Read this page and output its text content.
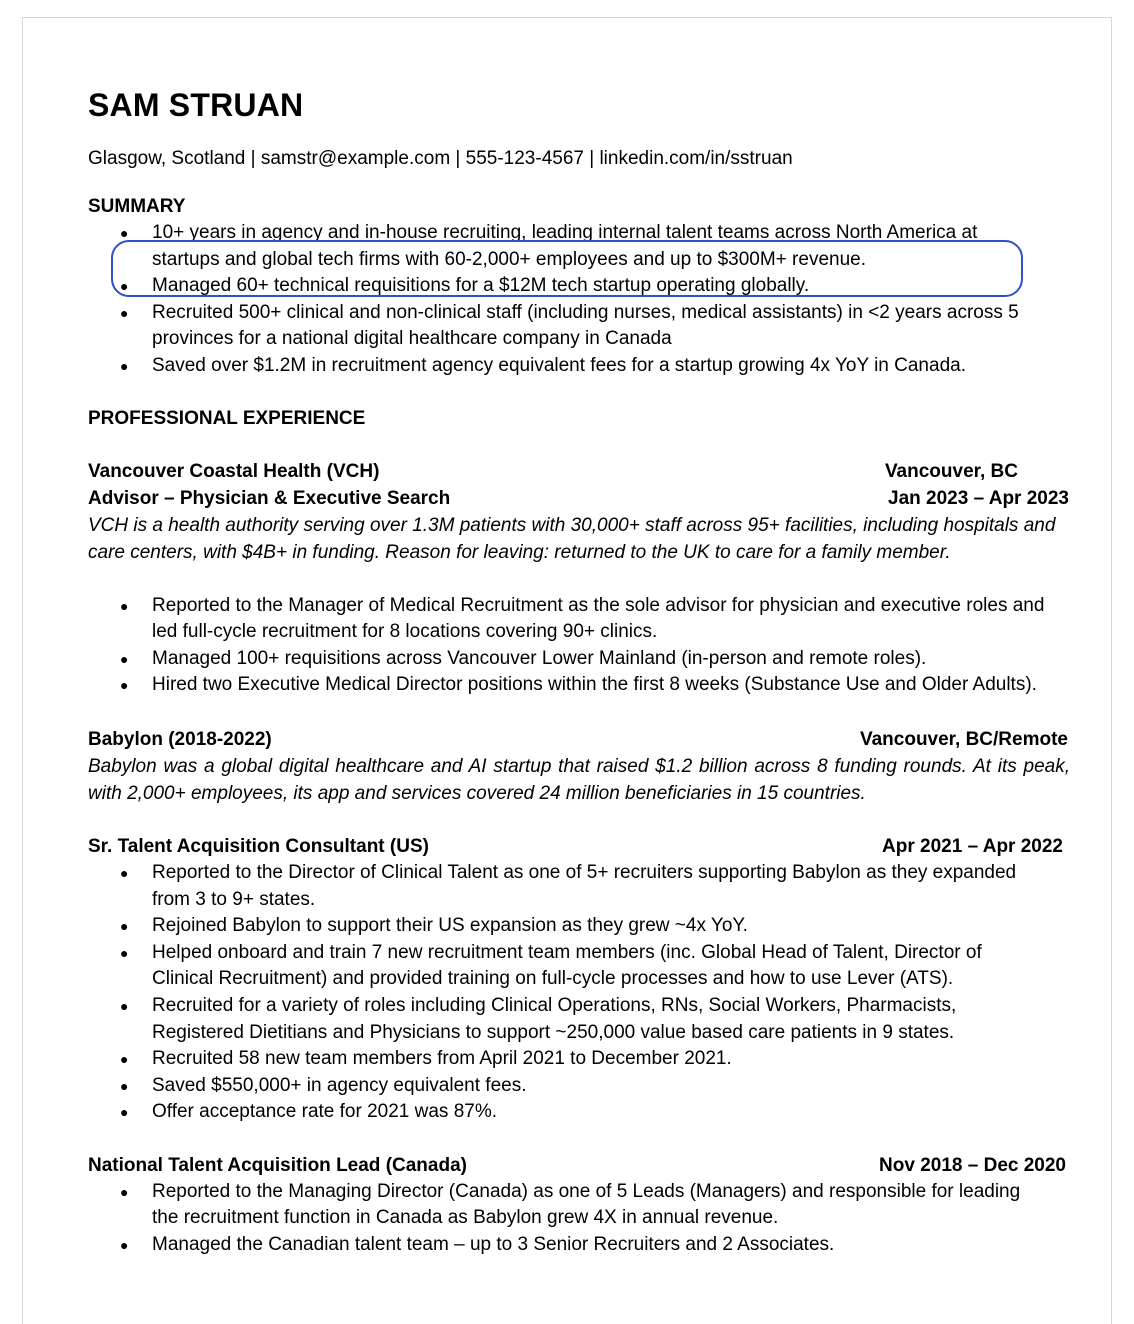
SAM STRUAN
Glasgow, Scotland | samstr@example.com | 555-123-4567 | linkedin.com/in/sstruan
SUMMARY
● 10+ years in agency and in-house recruiting, leading internal talent teams across North America at startups and global tech firms with 60-2,000+ employees and up to $300M+ revenue.
● Managed 60+ technical requisitions for a $12M tech startup operating globally.
● Recruited 500+ clinical and non-clinical staff (including nurses, medical assistants) in <2 years across 5 provinces for a national digital healthcare company in Canada
● Saved over $1.2M in recruitment agency equivalent fees for a startup growing 4x YoY in Canada.
PROFESSIONAL EXPERIENCE
Vancouver Coastal Health (VCH)	Vancouver, BC
Advisor – Physician & Executive Search	Jan 2023 – Apr 2023
VCH is a health authority serving over 1.3M patients with 30,000+ staff across 95+ facilities, including hospitals and care centers, with $4B+ in funding. Reason for leaving: returned to the UK to care for a family member.
● Reported to the Manager of Medical Recruitment as the sole advisor for physician and executive roles and led full-cycle recruitment for 8 locations covering 90+ clinics.
● Managed 100+ requisitions across Vancouver Lower Mainland (in-person and remote roles).
● Hired two Executive Medical Director positions within the first 8 weeks (Substance Use and Older Adults).
Babylon (2018-2022)	Vancouver, BC/Remote
Babylon was a global digital healthcare and AI startup that raised $1.2 billion across 8 funding rounds. At its peak, with 2,000+ employees, its app and services covered 24 million beneficiaries in 15 countries.
Sr. Talent Acquisition Consultant (US)	Apr 2021 – Apr 2022
● Reported to the Director of Clinical Talent as one of 5+ recruiters supporting Babylon as they expanded from 3 to 9+ states.
● Rejoined Babylon to support their US expansion as they grew ~4x YoY.
● Helped onboard and train 7 new recruitment team members (inc. Global Head of Talent, Director of Clinical Recruitment) and provided training on full-cycle processes and how to use Lever (ATS).
● Recruited for a variety of roles including Clinical Operations, RNs, Social Workers, Pharmacists, Registered Dietitians and Physicians to support ~250,000 value based care patients in 9 states.
● Recruited 58 new team members from April 2021 to December 2021.
● Saved $550,000+ in agency equivalent fees.
● Offer acceptance rate for 2021 was 87%.
National Talent Acquisition Lead (Canada)	Nov 2018 – Dec 2020
● Reported to the Managing Director (Canada) as one of 5 Leads (Managers) and responsible for leading the recruitment function in Canada as Babylon grew 4X in annual revenue.
● Managed the Canadian talent team – up to 3 Senior Recruiters and 2 Associates.
